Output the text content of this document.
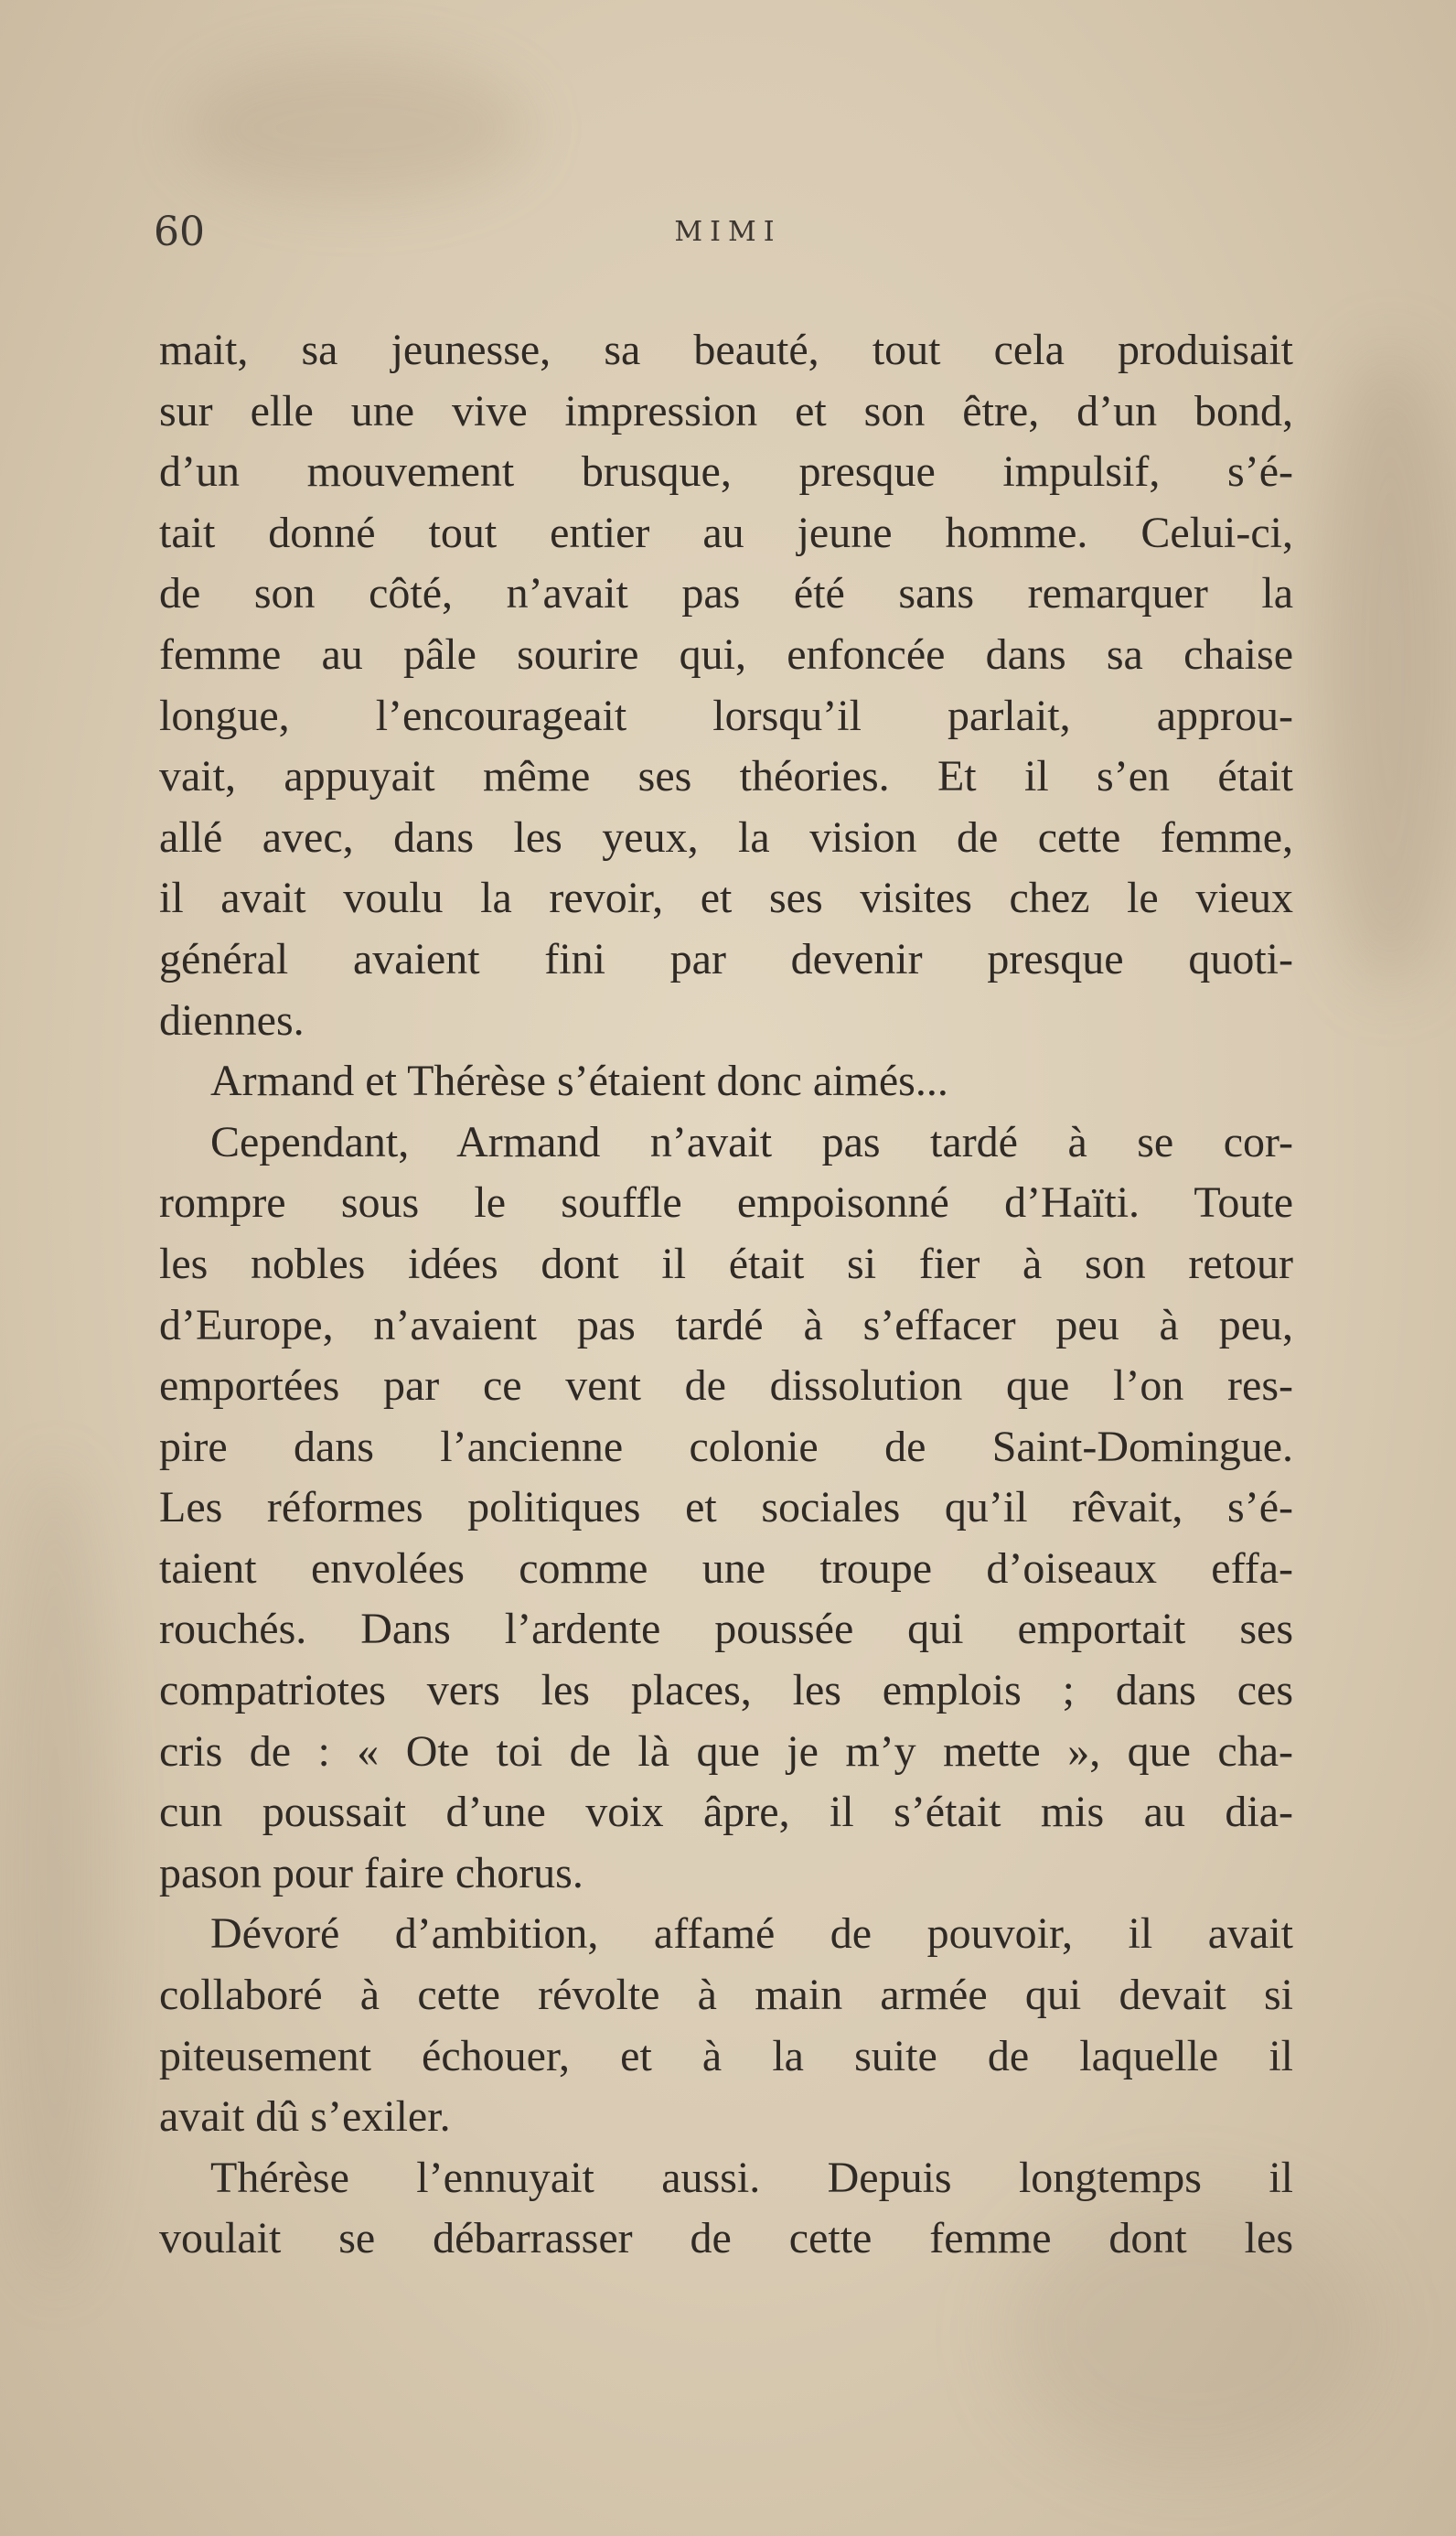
60	MIMI
mait, sa jeunesse, sa beauté, tout cela produisait
sur elle une vive impression et son être, d’un bond,
d’un mouvement brusque, presque impulsif, s’é-
tait donné tout entier au jeune homme. Celui-ci,
de son côté, n’avait pas été sans remarquer la
femme au pâle sourire qui, enfoncée dans sa chaise
longue, l’encourageait lorsqu’il parlait, approu-
vait, appuyait même ses théories. Et il s’en était
allé avec, dans les yeux, la vision de cette femme,
il avait voulu la revoir, et ses visites chez le vieux
général avaient fini par devenir presque quoti-
diennes.
Armand et Thérèse s’étaient donc aimés...
Cependant, Armand n’avait pas tardé à se cor-
rompre sous le souffle empoisonné d’Haïti. Toute
les nobles idées dont il était si fier à son retour
d’Europe, n’avaient pas tardé à s’effacer peu à peu,
emportées par ce vent de dissolution que l’on res-
pire dans l’ancienne colonie de Saint-Domingue.
Les réformes politiques et sociales qu’il rêvait, s’é-
taient envolées comme une troupe d’oiseaux effa-
rouchés. Dans l’ardente poussée qui emportait ses
compatriotes vers les places, les emplois ; dans ces
cris de : « Ote toi de là que je m’y mette », que cha-
cun poussait d’une voix âpre, il s’était mis au dia-
pason pour faire chorus.
Dévoré d’ambition, affamé de pouvoir, il avait
collaboré à cette révolte à main armée qui devait si
piteusement échouer, et à la suite de laquelle il
avait dû s’exiler.
Thérèse l’ennuyait aussi. Depuis longtemps il
voulait se débarrasser de cette femme dont les
